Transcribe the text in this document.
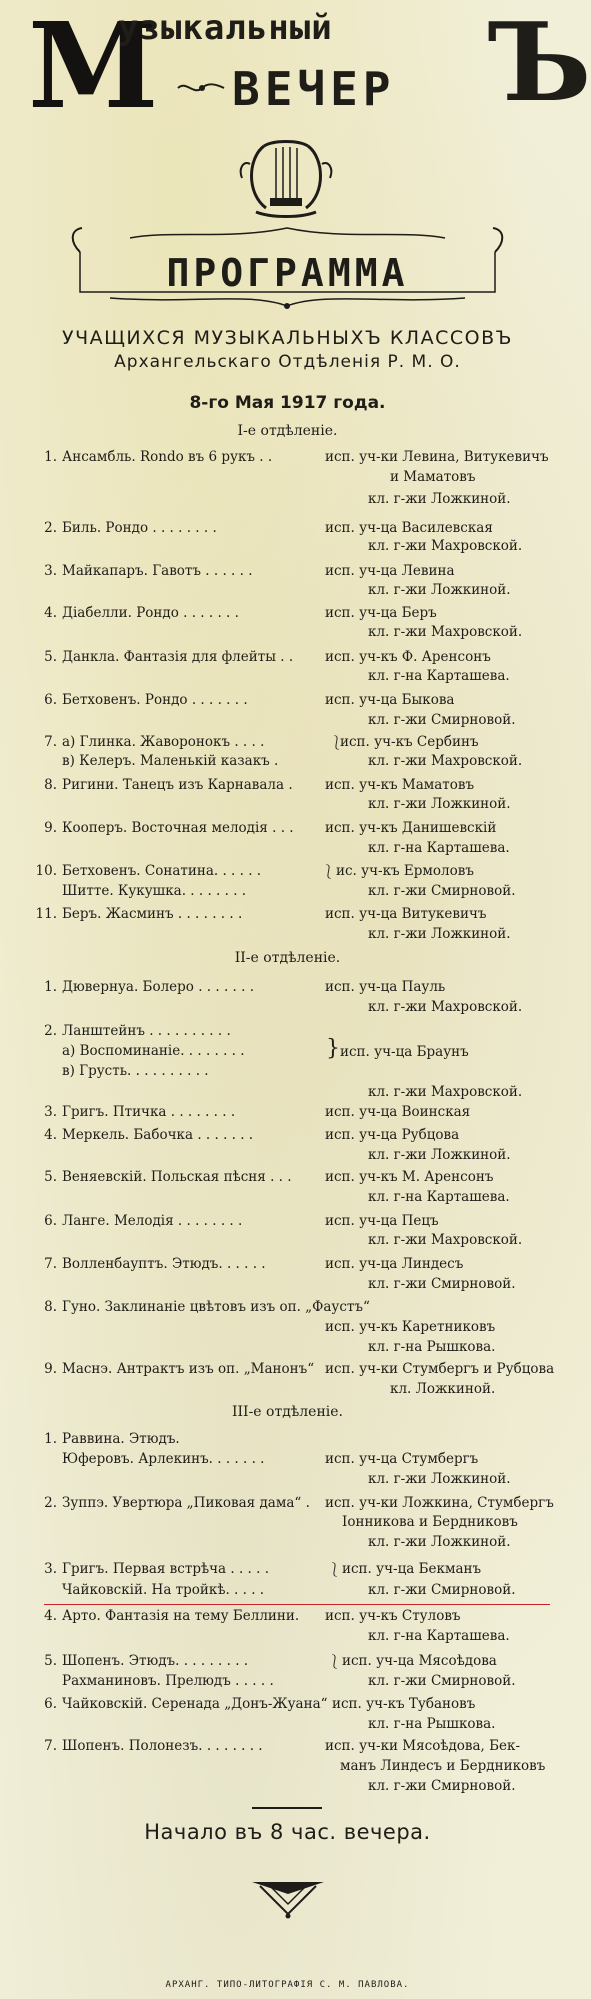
М
узыкальный Ъ
ВЕЧЕР
ПРОГРАММА
УЧАЩИХСЯ МУЗЫКАЛЬНЫХЪ КЛАССОВЪ
Архангельскаго Отдѣленія Р. М. О.
8-го Мая 1917 года.
I-е отдѣленіе.
1. Ансамбль. Rondo въ 6 рукъ . .	исп. уч-ки Левина, Витукевичъ
и Маматовъ
кл. г-жи Ложкиной.
2. Биль. Рондо . . . . . . . .	исп. уч-ца Василевская
кл. г-жи Махровской.
3. Майкапаръ. Гавотъ . . . . . .	исп. уч-ца Левина
кл. г-жи Ложкиной.
4. Діабелли. Рондо . . . . . . .	исп. уч-ца Беръ
кл. г-жи Махровской.
5. Данкла. Фантазія для флейты . . исп. уч-къ Ф. Аренсонъ
кл. г-на Карташева.
6. Бетховенъ. Рондо . . . . . . .	исп. уч-ца Быкова
кл. г-жи Смирновой.
7. а) Глинка. Жаворонокъ . . . .
в) Келеръ. Маленькій казакъ .
⎱
исп. уч-къ Сербинъ
кл. г-жи Махровской.
8. Ригини. Танецъ изъ Карнавала . исп. уч-къ Маматовъ
кл. г-жи Ложкиной.
9. Кооперъ. Восточная мелодія . . . исп. уч-къ Данишевскій
кл. г-на Карташева.
10. Бетховенъ. Сонатина. . . . . .
Шитте. Кукушка. . . . . . . .
⎱ ис. уч-къ Ермоловъ
кл. г-жи Смирновой.
11. Беръ. Жасминъ . . . . . . . .	исп. уч-ца Витукевичъ
кл. г-жи Ложкиной.
II-е отдѣленіе.
1. Дювернуа. Болеро . . . . . . .	исп. уч-ца Пауль
кл. г-жи Махровской.
2. Ланштейнъ . . . . . . . . . .
а) Воспоминаніе. . . . . . . .
в) Грусть. . . . . . . . . .
} исп. уч-ца Браунъ
кл. г-жи Махровской.
3. Григъ. Птичка . . . . . . . .	исп. уч-ца Воинская
4. Меркель. Бабочка . . . . . . .	исп. уч-ца Рубцова
кл. г-жи Ложкиной.
5. Веняевскій. Польская пѣсня . . . исп. уч-къ М. Аренсонъ
кл. г-на Карташева.
6. Ланге. Мелодія . . . . . . . .	исп. уч-ца Пецъ
кл. г-жи Махровской.
7. Волленбауптъ. Этюдъ. . . . . .	исп. уч-ца Линдесъ
кл. г-жи Смирновой.
8. Гуно. Заклинаніе цвѣтовъ изъ оп. „Фаустъ“
исп. уч-къ Каретниковъ
кл. г-на Рышкова.
9. Маснэ. Антрактъ изъ оп. „Манонъ“ исп. уч-ки Стумбергъ и Рубцова
кл. Ложкиной.
III-е отдѣленіе.
1. Раввина. Этюдъ.
Юферовъ. Арлекинъ. . . . . . .	исп. уч-ца Стумбергъ
кл. г-жи Ложкиной.
2. Зуппэ. Увертюра „Пиковая дама“ . исп. уч-ки Ложкина, Стумбергъ
Іонникова и Бердниковъ
кл. г-жи Ложкиной.
3. Григъ. Первая встрѣча . . . . .
Чайковскій. На тройкѣ. . . . .
⎱ исп. уч-ца Бекманъ
кл. г-жи Смирновой.
4. Арто. Фантазія на тему Беллини. исп. уч-къ Стуловъ
кл. г-на Карташева.
5. Шопенъ. Этюдъ. . . . . . . . .
Рахманиновъ. Прелюдъ . . . . .
⎱ исп. уч-ца Мясоѣдова
кл. г-жи Смирновой.
6. Чайковскій. Серенада „Донъ-Жуана“ исп. уч-къ Тубановъ
кл. г-на Рышкова.
7. Шопенъ. Полонезъ. . . . . . . .	исп. уч-ки Мясоѣдова, Бек-
манъ Линдесъ и Бердниковъ
кл. г-жи Смирновой.
Начало въ 8 час. вечера.
АРХАНГ. ТИПО-ЛИТОГРАФІЯ С. М. ПАВЛОВА.
